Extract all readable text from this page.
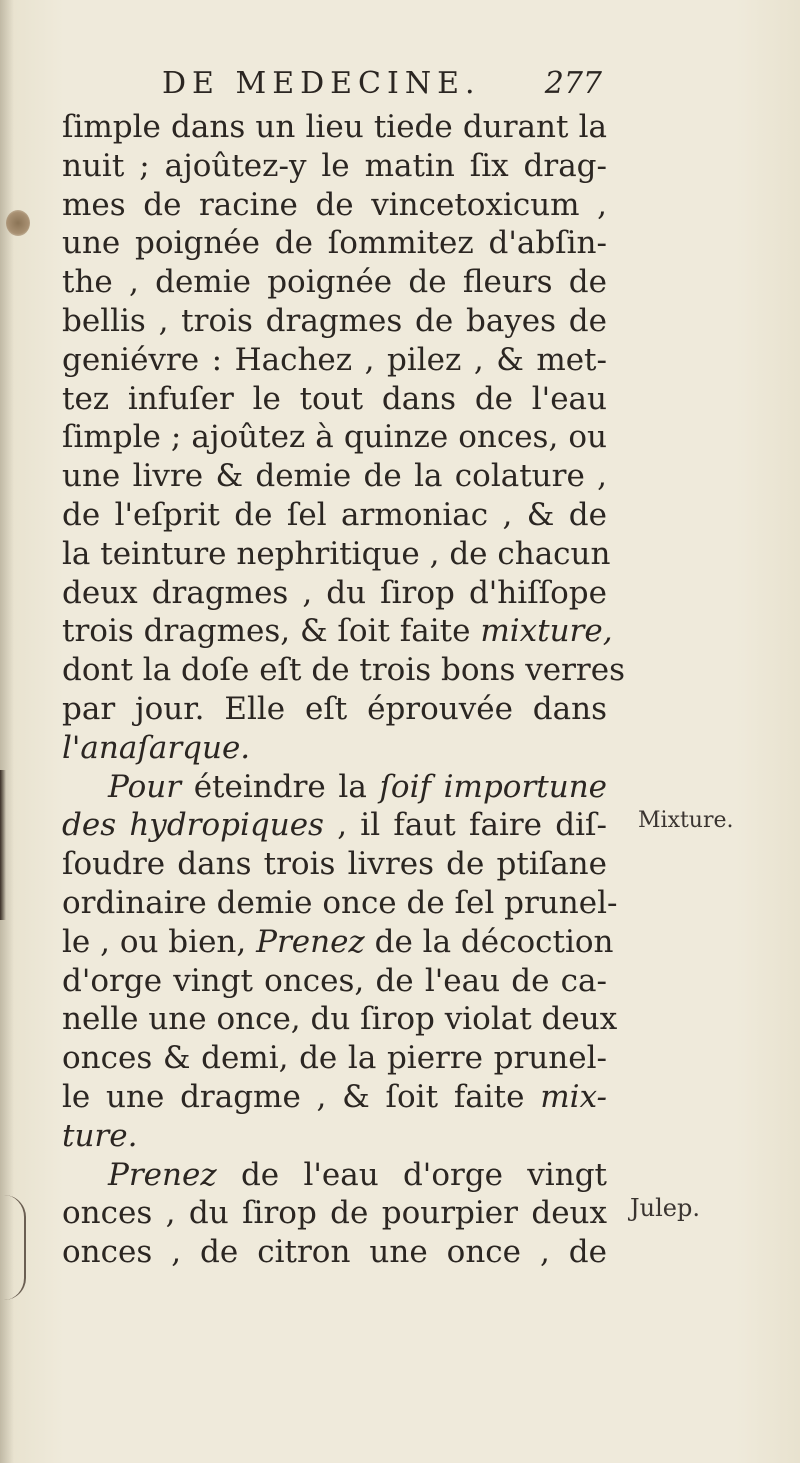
DE MEDECINE. 277
ſimple dans un lieu tiede durant la
nuit ; ajoûtez-y le matin ſix drag-
mes de racine de vincetoxicum ,
une poignée de ſommitez d'abſin-
the , demie poignée de fleurs de
bellis , trois dragmes de bayes de
geniévre : Hachez , pilez , & met-
tez infuſer le tout dans de l'eau
ſimple ; ajoûtez à quinze onces, ou
une livre & demie de la colature ,
de l'eſprit de ſel armoniac , & de
la teinture nephritique , de chacun
deux dragmes , du ſirop d'hiſſope
trois dragmes, & ſoit faite mixture,
dont la doſe eſt de trois bons verres
par jour. Elle eſt éprouvée dans
l'anaſarque.
Pour éteindre la ſoif importune
des hydropiques , il faut faire diſ-
ſoudre dans trois livres de ptiſane
ordinaire demie once de ſel prunel-
le , ou bien, Prenez de la décoction
d'orge vingt onces, de l'eau de ca-
nelle une once, du ſirop violat deux
onces & demi, de la pierre prunel-
le une dragme , & ſoit faite mix-
ture.
Prenez de l'eau d'orge vingt
onces , du ſirop de pourpier deux
onces , de citron une once , de
Mixture.
Julep.
